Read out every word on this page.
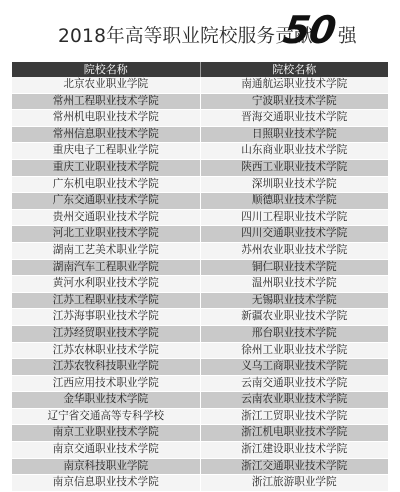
2018年高等职业院校服务贡献
50 强
院校名称	院校名称
北京农业职业学院	南通航运职业技术学院
常州工程职业技术学院	宁波职业技术学院
常州机电职业技术学院	晋海交通职业技术学院
常州信息职业技术学院	日照职业技术学院
重庆电子工程职业学院	山东商业职业技术学院
重庆工业职业技术学院	陕西工业职业技术学院
广东机电职业技术学院	深圳职业技术学院
广东交通职业技术学院	顺德职业技术学院
贵州交通职业技术学院	四川工程职业技术学院
河北工业职业技术学院	四川交通职业技术学院
湖南工艺美术职业学院	苏州农业职业技术学院
湖南汽车工程职业学院	铜仁职业技术学院
黄河水利职业技术学院	温州职业技术学院
江苏工程职业技术学院	无锡职业技术学院
江苏海事职业技术学院	新疆农业职业技术学院
江苏经贸职业技术学院	邢台职业技术学院
江苏农林职业技术学院	徐州工业职业技术学院
江苏农牧科技职业学院	义乌工商职业技术学院
江西应用技术职业学院	云南交通职业技术学院
金华职业技术学院	云南农业职业技术学院
辽宁省交通高等专科学校	浙江工贸职业技术学院
南京工业职业技术学院	浙江机电职业技术学院
南京交通职业技术学院	浙江建设职业技术学院
南京科技职业学院	浙江交通职业技术学院
南京信息职业技术学院	浙江旅游职业学院
